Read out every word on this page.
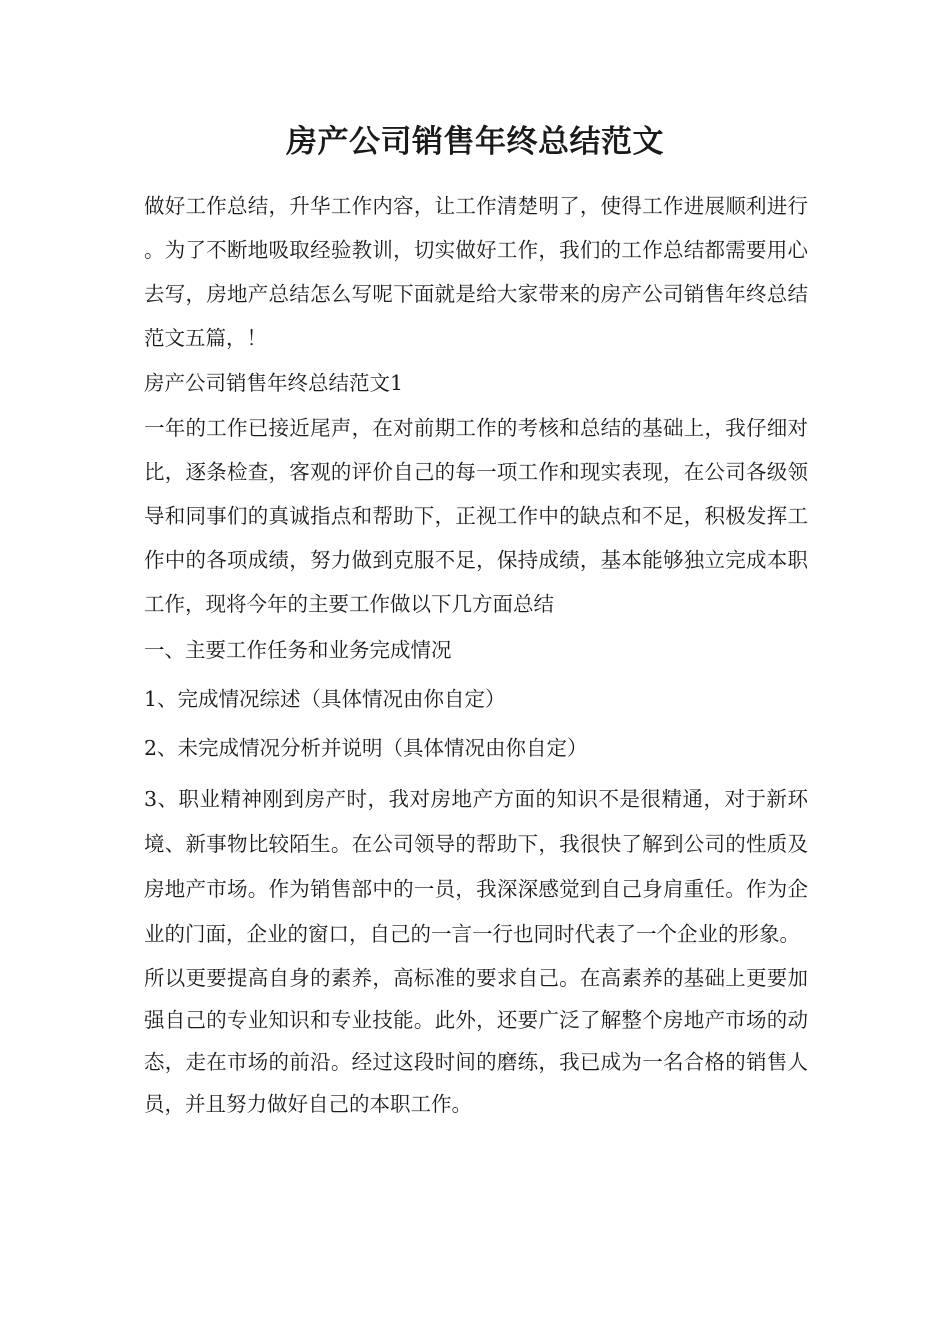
房产公司销售年终总结范文

做好工作总结，升华工作内容，让工作清楚明了，使得工作进展顺利进行。为了不断地吸取经验教训，切实做好工作，我们的工作总结都需要用心去写，房地产总结怎么写呢下面就是给大家带来的房产公司销售年终总结范文五篇，！

房产公司销售年终总结范文1

一年的工作已接近尾声，在对前期工作的考核和总结的基础上，我仔细对比，逐条检查，客观的评价自己的每一项工作和现实表现，在公司各级领导和同事们的真诚指点和帮助下，正视工作中的缺点和不足，积极发挥工作中的各项成绩，努力做到克服不足，保持成绩，基本能够独立完成本职工作，现将今年的主要工作做以下几方面总结

一、主要工作任务和业务完成情况

1、完成情况综述（具体情况由你自定）

2、未完成情况分析并说明（具体情况由你自定）

3、职业精神刚到房产时，我对房地产方面的知识不是很精通，对于新环境、新事物比较陌生。在公司领导的帮助下，我很快了解到公司的性质及房地产市场。作为销售部中的一员，我深深感觉到自己身肩重任。作为企业的门面，企业的窗口，自己的一言一行也同时代表了一个企业的形象。

所以更要提高自身的素养，高标准的要求自己。在高素养的基础上更要加强自己的专业知识和专业技能。此外，还要广泛了解整个房地产市场的动态，走在市场的前沿。经过这段时间的磨练，我已成为一名合格的销售人员，并且努力做好自己的本职工作。
